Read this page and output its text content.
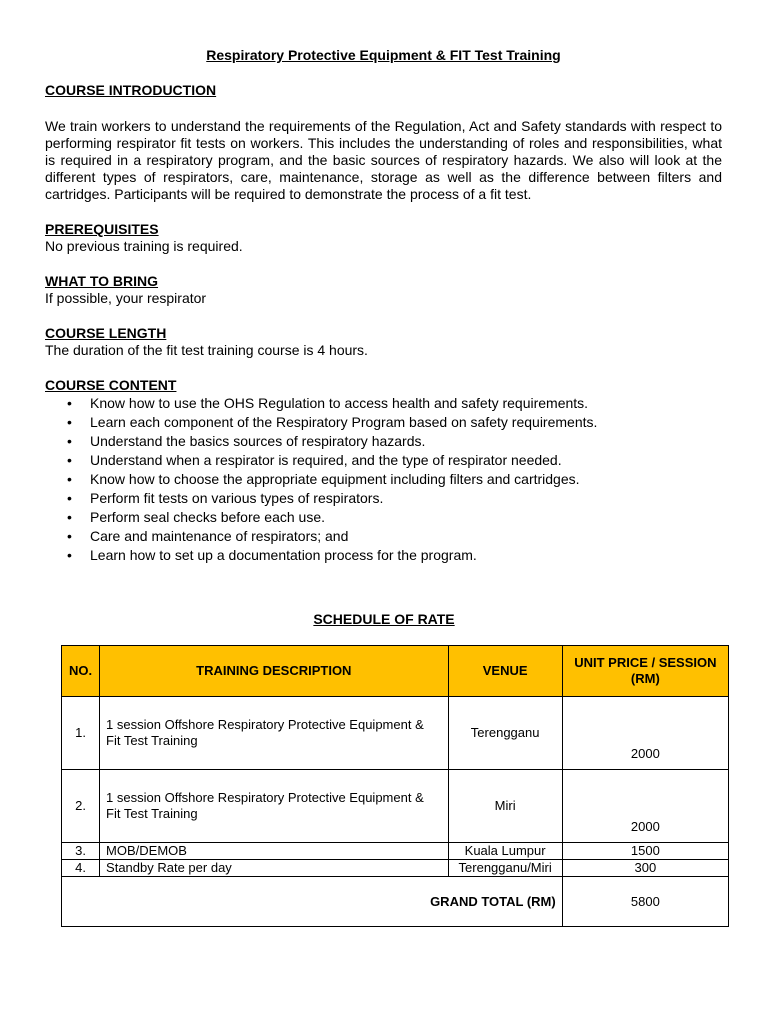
Respiratory Protective Equipment & FIT Test Training

COURSE INTRODUCTION

We train workers to understand the requirements of the Regulation, Act and Safety standards with respect to performing respirator fit tests on workers. This includes the understanding of roles and responsibilities, what is required in a respiratory program, and the basic sources of respiratory hazards. We also will look at the different types of respirators, care, maintenance, storage as well as the difference between filters and cartridges. Participants will be required to demonstrate the process of a fit test.

PREREQUISITES

No previous training is required.

WHAT TO BRING

If possible, your respirator

COURSE LENGTH

The duration of the fit test training course is 4 hours.

COURSE CONTENT

• Know how to use the OHS Regulation to access health and safety requirements.
• Learn each component of the Respiratory Program based on safety requirements.
• Understand the basics sources of respiratory hazards.
• Understand when a respirator is required, and the type of respirator needed.
• Know how to choose the appropriate equipment including filters and cartridges.
• Perform fit tests on various types of respirators.
• Perform seal checks before each use.
• Care and maintenance of respirators; and
• Learn how to set up a documentation process for the program.
SCHEDULE OF RATE
NO.	TRAINING DESCRIPTION	VENUE	UNIT PRICE / SESSION (RM)
1.	1 session Offshore Respiratory Protective Equipment & Fit Test Training	Terengganu	2000
2.	1 session Offshore Respiratory Protective Equipment & Fit Test Training	Miri	2000
3.	MOB/DEMOB	Kuala Lumpur	1500
4.	Standby Rate per day	Terengganu/Miri	300
GRAND TOTAL (RM)			5800
